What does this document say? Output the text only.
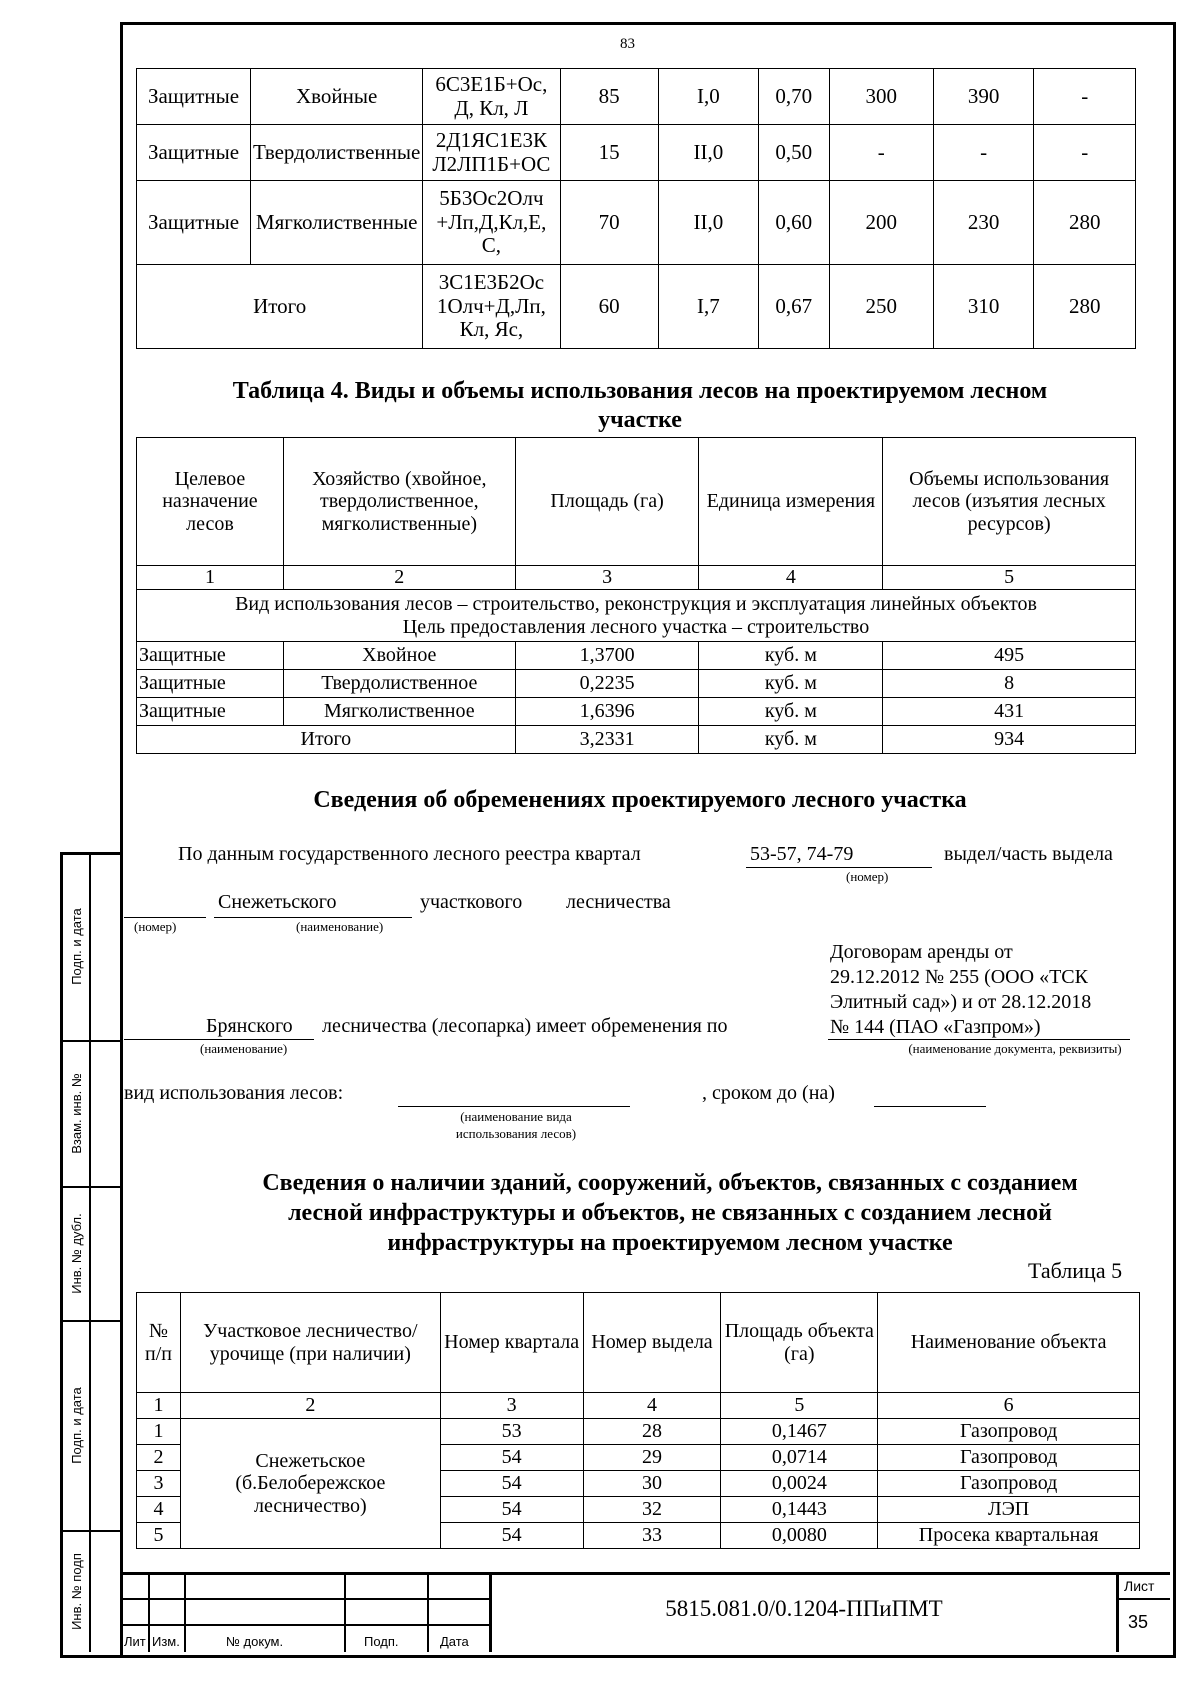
83
Подп. и дата
Взам. инв. №
Инв. № дубл.
Подп. и дата
Инв. № подп
Защитные	Хвойные	6С3Е1Б+Ос, Д, Кл, Л	85	I,0	0,70	300	390	-
Защитные	Твердолиственные	2Д1ЯС1Е3К Л2ЛП1Б+ОС	15	II,0	0,50	-	-	-
Защитные	Мягколиственные	5Б3Ос2Олч +Лп,Д,Кл,Е, С,	70	II,0	0,60	200	230	280
Итого		3С1Е3Б2Ос 1Олч+Д,Лп, Кл, Яс,	60	I,7	0,67	250	310	280
Таблица 4. Виды и объемы использования лесов на проектируемом лесном участке
Целевое назначение лесов	Хозяйство (хвойное, твердолиственное, мягколиственные)	Площадь (га)	Единица измерения	Объемы использования лесов (изъятия лесных ресурсов)
1	2	3	4	5

Вид использования лесов – строительство, реконструкция и эксплуатация линейных объектов
Цель предоставления лесного участка – строительство				

Защитные	Хвойное	1,3700	куб. м	495
Защитные	Твердолиственное	0,2235	куб. м	8
Защитные	Мягколиственное	1,6396	куб. м	431
Итого		3,2331	куб. м	934
Сведения об обременениях проектируемого лесного участка
По данным государственного лесного реестра квартал	53-57, 74-79
(номер)
выдел/часть выдела
(номер)
Снежетьского
(наименование)
участкового лесничества
Договорам аренды от
29.12.2012 № 255 (ООО «ТСК
Элитный сад») и от 28.12.2018
№ 144 (ПАО «Газпром»)
(наименование документа, реквизиты)
Брянского
(наименование)
лесничества (лесопарка) имеет обременения по
вид использования лесов:
(наименование вида использования лесов)
, сроком до (на)
Сведения о наличии зданий, сооружений, объектов, связанных с созданием
лесной инфраструктуры и объектов, не связанных с созданием лесной
инфраструктуры на проектируемом лесном участке
Таблица 5
№ п/п	Участковое лесничество/ урочище (при наличии)	Номер квартала	Номер выдела	Площадь объекта (га)	Наименование объекта
1	2	3	4	5	6
1	Снежетьское (б.Белобережское лесничество)	53	28	0,1467	Газопровод
2		54	29	0,0714	Газопровод
3		54	30	0,0024	Газопровод
4		54	32	0,1443	ЛЭП
5		54	33	0,0080	Просека квартальная
Лит Изм.	№ докум.	Подп.	Дата
5815.081.0/0.1204-ППиПМТ
Лист
35
